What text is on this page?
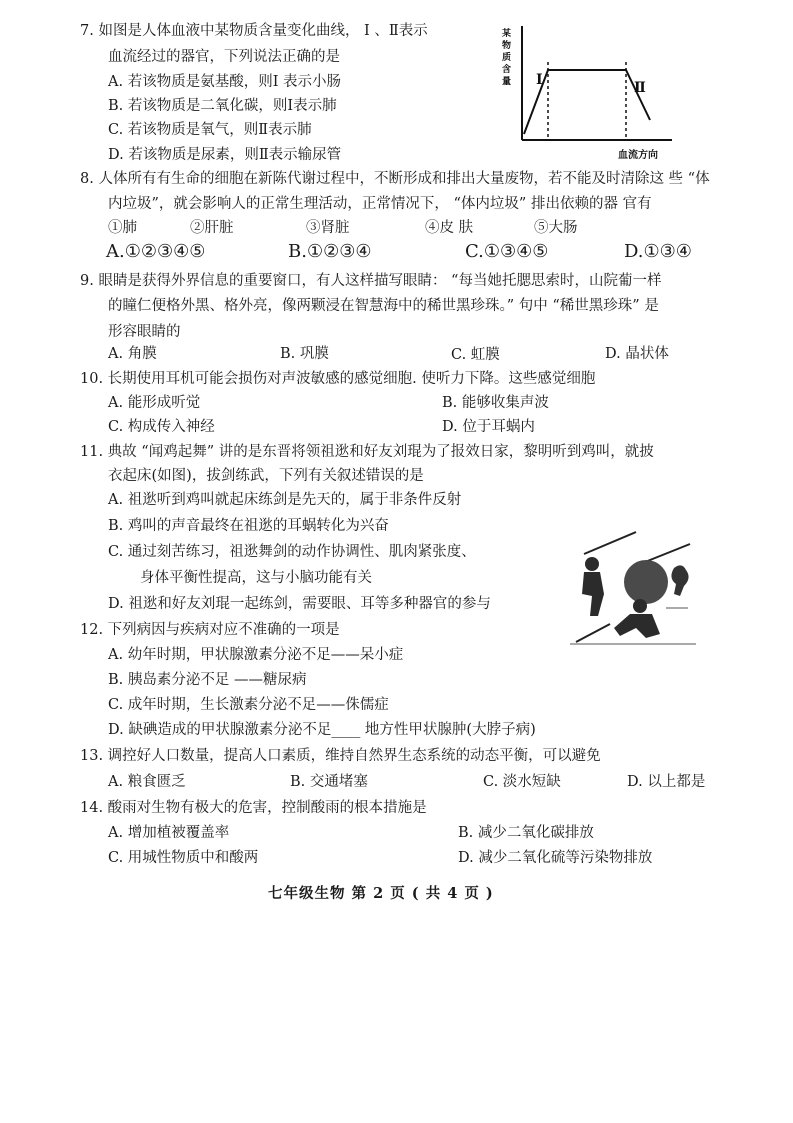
7. 如图是人体血液中某物质含量变化曲线， Ⅰ 、Ⅱ表示
血流经过的器官，下列说法正确的是
A. 若该物质是氨基酸，则Ⅰ 表示小肠
B. 若该物质是二氧化碳，则Ⅰ表示肺
C. 若该物质是氧气，则Ⅱ表示肺
D. 若该物质是尿素，则Ⅱ表示输尿管
某
物
质
含
量 Ⅰ	Ⅱ
血流方向
8. 人体所有有生命的细胞在新陈代谢过程中，不断形成和排出大量废物，若不能及时清除这 些 “体
内垃圾”，就会影响人的正常生理活动，正常情况下， “体内垃圾” 排出依赖的器 官有
①肺	②肝脏	③肾脏	④皮 肤	⑤大肠
A.①②③④⑤	B.①②③④	C.①③④⑤	D.①③④
9. 眼睛是获得外界信息的重要窗口，有人这样描写眼睛： “每当她托腮思索时，山院葡一样
的瞳仁便格外黑、格外亮，像两颗浸在智慧海中的稀世黑珍珠。” 句中 “稀世黑珍珠” 是
形容眼睛的
A. 角膜	B. 巩膜	C. 虹膜	D. 晶状体
10. 长期使用耳机可能会损伤对声波敏感的感觉细胞. 使听力下降。这些感觉细胞
A. 能形成听觉	B. 能够收集声波
C. 构成传入神经	D. 位于耳蜗内
11. 典故 “闻鸡起舞” 讲的是东晋将领祖逖和好友刘琨为了报效日家，黎明听到鸡叫，就披
衣起床(如图)，拔剑练武，下列有关叙述错误的是
A. 祖逖听到鸡叫就起床练剑是先天的，属于非条件反射
B. 鸡叫的声音最终在祖逖的耳蜗转化为兴奋
C. 通过刻苦练习，祖逖舞剑的动作协调性、肌肉紧张度、
身体平衡性提高，这与小脑功能有关
D. 祖逖和好友刘琨一起练剑，需要眼、耳等多种器官的参与
12. 下列病因与疾病对应不准确的一项是
A. 幼年时期，甲状腺激素分泌不足——呆小症
B. 胰岛素分泌不足 ——糖尿病
C. 成年时期，生长激素分泌不足——侏儒症
D. 缺碘造成的甲状腺激素分泌不足____ 地方性甲状腺肿(大脖子病)
13. 调控好人口数量，提高人口素质，维持自然界生态系统的动态平衡，可以避免
A. 粮食匮乏	B. 交通堵塞	C. 淡水短缺	D. 以上都是
14. 酸雨对生物有极大的危害，控制酸雨的根本措施是
A. 增加植被覆盖率	B. 减少二氧化碳排放
C. 用城性物质中和酸两	D. 减少二氧化硫等污染物排放
七年级生物 第 2 页 ( 共 4 页 )
